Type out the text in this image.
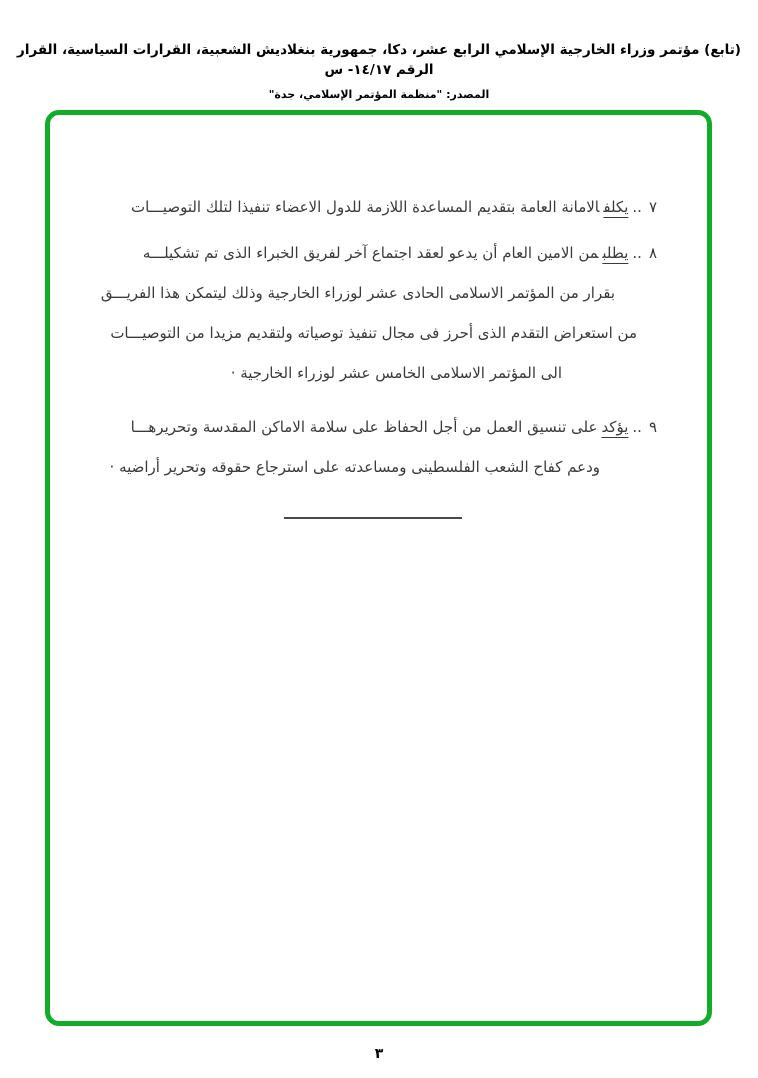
(تابع) مؤتمر وزراء الخارجية الإسلامي الرابع عشر، دكا، جمهورية بنغلاديش الشعبية، القرارات السياسية، القرار الرقم ١٤/١٧- س
المصدر: "منظمة المؤتمر الإسلامي، جدة"
٧..يكلفالامانة العامة بتقديم المساعدة اللازمة للدول الاعضاء تنفيذا لتلك التوصيـــات
٨..يطلبمن الامين العام أن يدعو لعقد اجتماع آخر لفريق الخبراء الذى تم تشكيلـــه
بقرار من المؤتمر الاسلامى الحادى عشر لوزراء الخارجية وذلك ليتمكن هذا الفريـــق
من استعراض التقدم الذى أحرز فى مجال تنفيذ توصياته ولتقديم مزيدا من التوصيـــات
الى المؤتمر الاسلامى الخامس عشر لوزراء الخارجية ·
٩..يؤكدعلى تنسيق العمل من أجل الحفاظ على سلامة الاماكن المقدسة وتحريرهـــا
ودعم كفاح الشعب الفلسطينى ومساعدته على استرجاع حقوقه وتحرير أراضيه ·
٣
